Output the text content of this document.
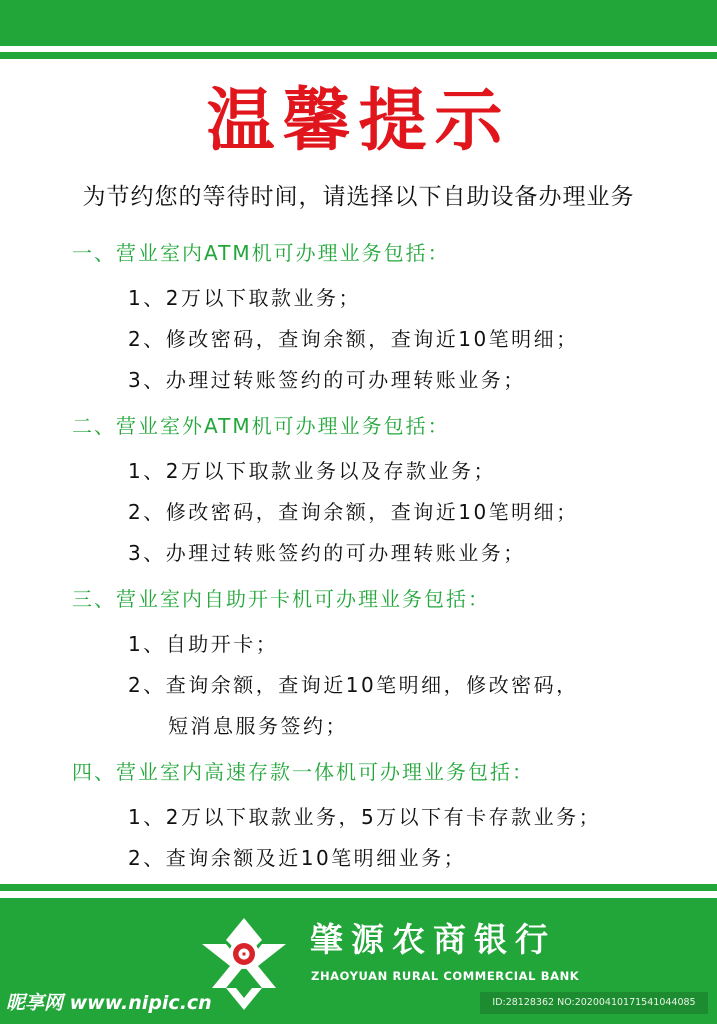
温馨提示
为节约您的等待时间，请选择以下自助设备办理业务
一、营业室内ATM机可办理业务包括：
1、2万以下取款业务；
2、修改密码，查询余额，查询近10笔明细；
3、办理过转账签约的可办理转账业务；
二、营业室外ATM机可办理业务包括：
1、2万以下取款业务以及存款业务；
2、修改密码，查询余额，查询近10笔明细；
3、办理过转账签约的可办理转账业务；
三、营业室内自助开卡机可办理业务包括：
1、自助开卡；
2、查询余额，查询近10笔明细，修改密码，
短消息服务签约；
四、营业室内高速存款一体机可办理业务包括：
1、2万以下取款业务，5万以下有卡存款业务；
2、查询余额及近10笔明细业务；
肇源农商银行
ZHAOYUAN RURAL COMMERCIAL BANK
昵享网 www.nipic.cn	ID:28128362 NO:20200410171541044085
